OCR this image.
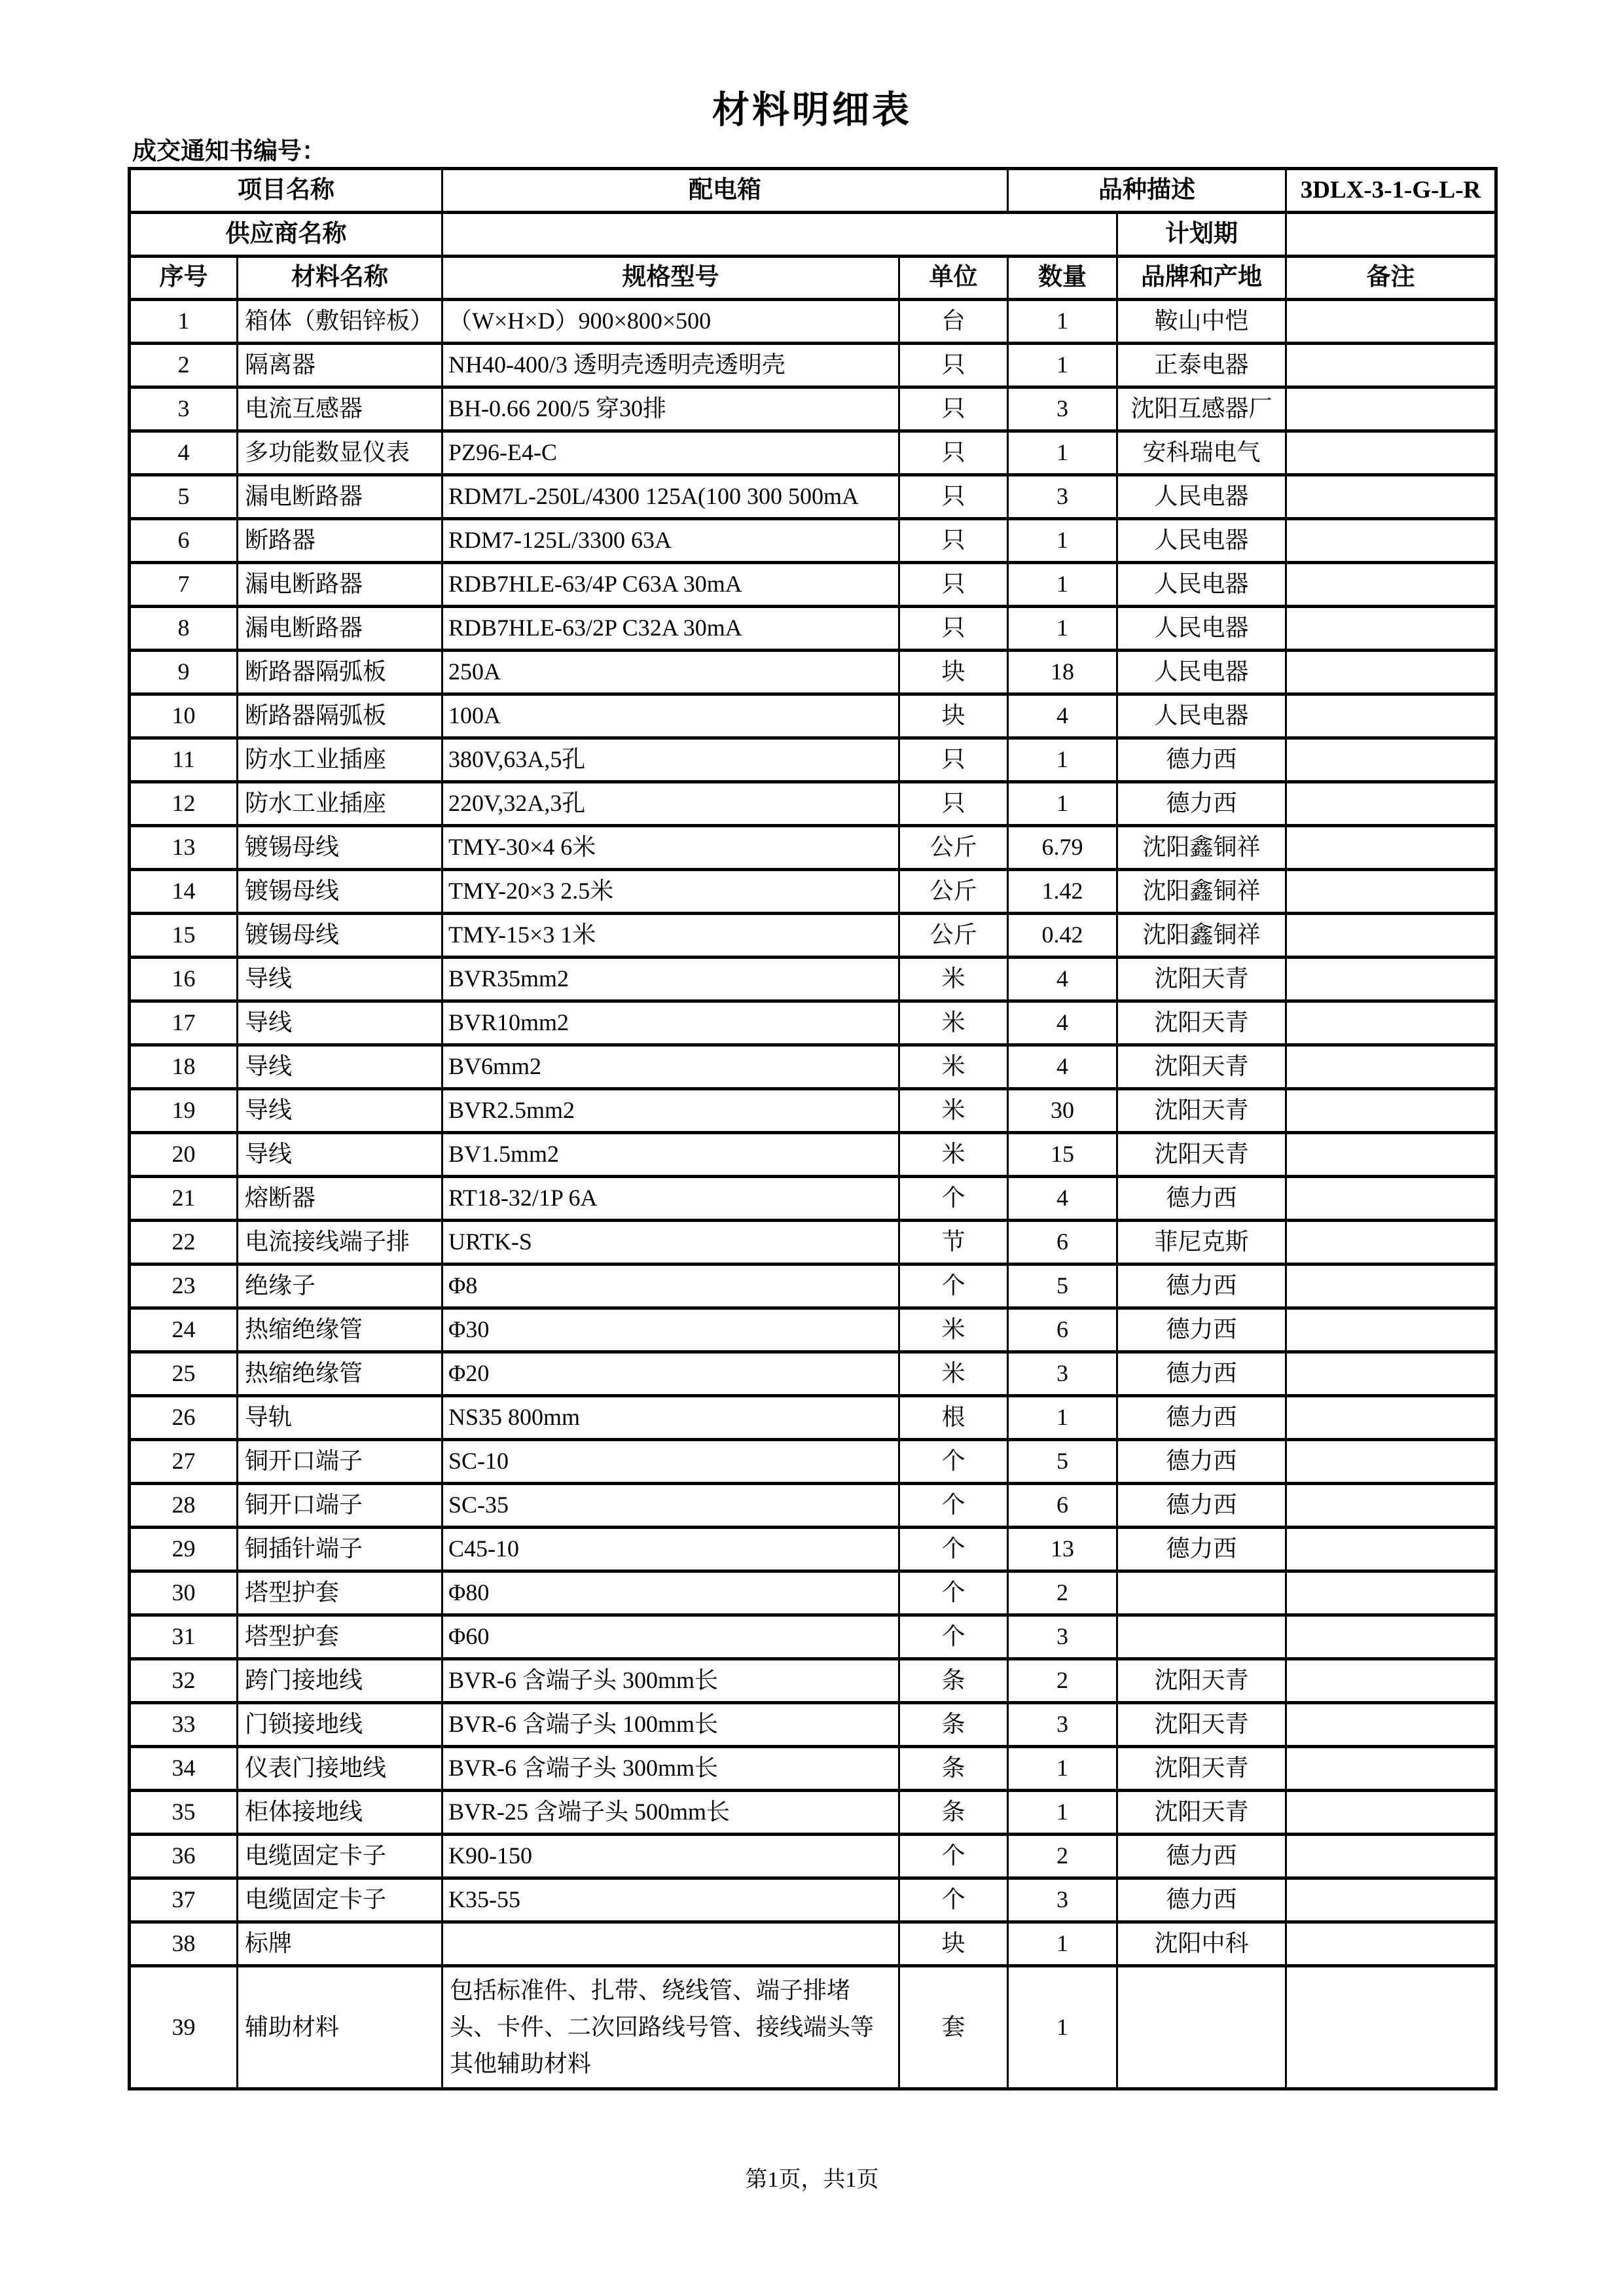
材料明细表
成交通知书编号：
项目名称		配电箱		品种描述		3DLX-3-1-G-L-R
供应商名称					计划期	
序号	材料名称	规格型号	单位	数量	品牌和产地	备注
1	箱体（敷铝锌板）	（W×H×D）900×800×500	台	1	鞍山中恺	
2	隔离器	NH40-400/3 透明壳透明壳透明壳	只	1	正泰电器	
3	电流互感器	BH-0.66 200/5 穿30排	只	3	沈阳互感器厂	
4	多功能数显仪表	PZ96-E4-C	只	1	安科瑞电气	
5	漏电断路器	RDM7L-250L/4300 125A(100 300 500mA	只	3	人民电器	
6	断路器	RDM7-125L/3300 63A	只	1	人民电器	
7	漏电断路器	RDB7HLE-63/4P C63A 30mA	只	1	人民电器	
8	漏电断路器	RDB7HLE-63/2P C32A 30mA	只	1	人民电器	
9	断路器隔弧板	250A	块	18	人民电器	
10	断路器隔弧板	100A	块	4	人民电器	
11	防水工业插座	380V,63A,5孔	只	1	德力西	
12	防水工业插座	220V,32A,3孔	只	1	德力西	
13	镀锡母线	TMY-30×4 6米	公斤	6.79	沈阳鑫铜祥	
14	镀锡母线	TMY-20×3 2.5米	公斤	1.42	沈阳鑫铜祥	
15	镀锡母线	TMY-15×3 1米	公斤	0.42	沈阳鑫铜祥	
16	导线	BVR35mm2	米	4	沈阳天青	
17	导线	BVR10mm2	米	4	沈阳天青	
18	导线	BV6mm2	米	4	沈阳天青	
19	导线	BVR2.5mm2	米	30	沈阳天青	
20	导线	BV1.5mm2	米	15	沈阳天青	
21	熔断器	RT18-32/1P 6A	个	4	德力西	
22	电流接线端子排	URTK-S	节	6	菲尼克斯	
23	绝缘子	Φ8	个	5	德力西	
24	热缩绝缘管	Φ30	米	6	德力西	
25	热缩绝缘管	Φ20	米	3	德力西	
26	导轨	NS35 800mm	根	1	德力西	
27	铜开口端子	SC-10	个	5	德力西	
28	铜开口端子	SC-35	个	6	德力西	
29	铜插针端子	C45-10	个	13	德力西	
30	塔型护套	Φ80	个	2		
31	塔型护套	Φ60	个	3		
32	跨门接地线	BVR-6 含端子头 300mm长	条	2	沈阳天青	
33	门锁接地线	BVR-6 含端子头 100mm长	条	3	沈阳天青	
34	仪表门接地线	BVR-6 含端子头 300mm长	条	1	沈阳天青	
35	柜体接地线	BVR-25 含端子头 500mm长	条	1	沈阳天青	
36	电缆固定卡子	K90-150	个	2	德力西	
37	电缆固定卡子	K35-55	个	3	德力西	
38	标牌		块	1	沈阳中科	
39	辅助材料	包括标准件、扎带、绕线管、端子排堵头、卡件、二次回路线号管、接线端头等其他辅助材料	套	1		
第1页，共1页
